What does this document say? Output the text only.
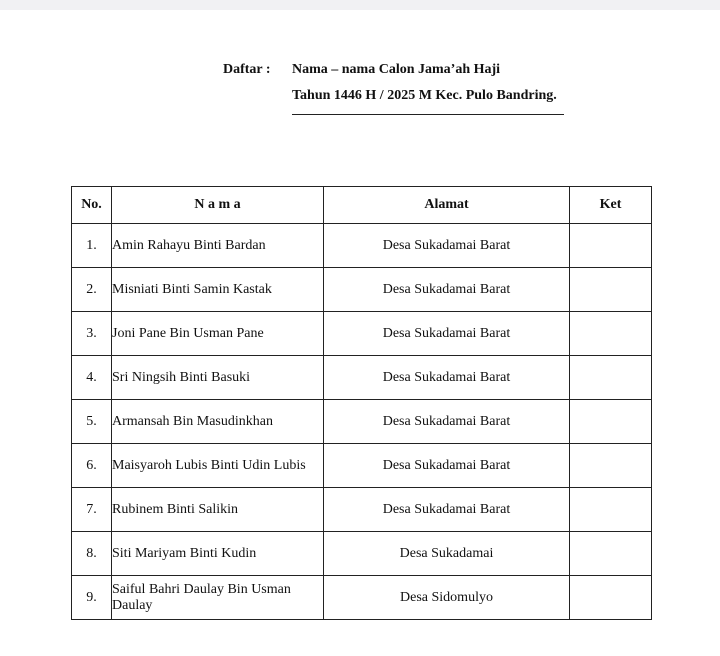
Daftar : Nama – nama Calon Jama’ah Haji
Tahun 1446 H / 2025 M Kec. Pulo Bandring.
No.	N a m a	Alamat	Ket
1.	Amin Rahayu Binti Bardan	Desa Sukadamai Barat	
2.	Misniati Binti Samin Kastak	Desa Sukadamai Barat	
3.	Joni Pane Bin Usman Pane	Desa Sukadamai Barat	
4.	Sri Ningsih Binti Basuki	Desa Sukadamai Barat	
5.	Armansah Bin Masudinkhan	Desa Sukadamai Barat	
6.	Maisyaroh Lubis Binti Udin Lubis	Desa Sukadamai Barat	
7.	Rubinem Binti Salikin	Desa Sukadamai Barat	
8.	Siti Mariyam Binti Kudin	Desa Sukadamai	
9.	Saiful Bahri Daulay Bin Usman Daulay	Desa Sidomulyo	
